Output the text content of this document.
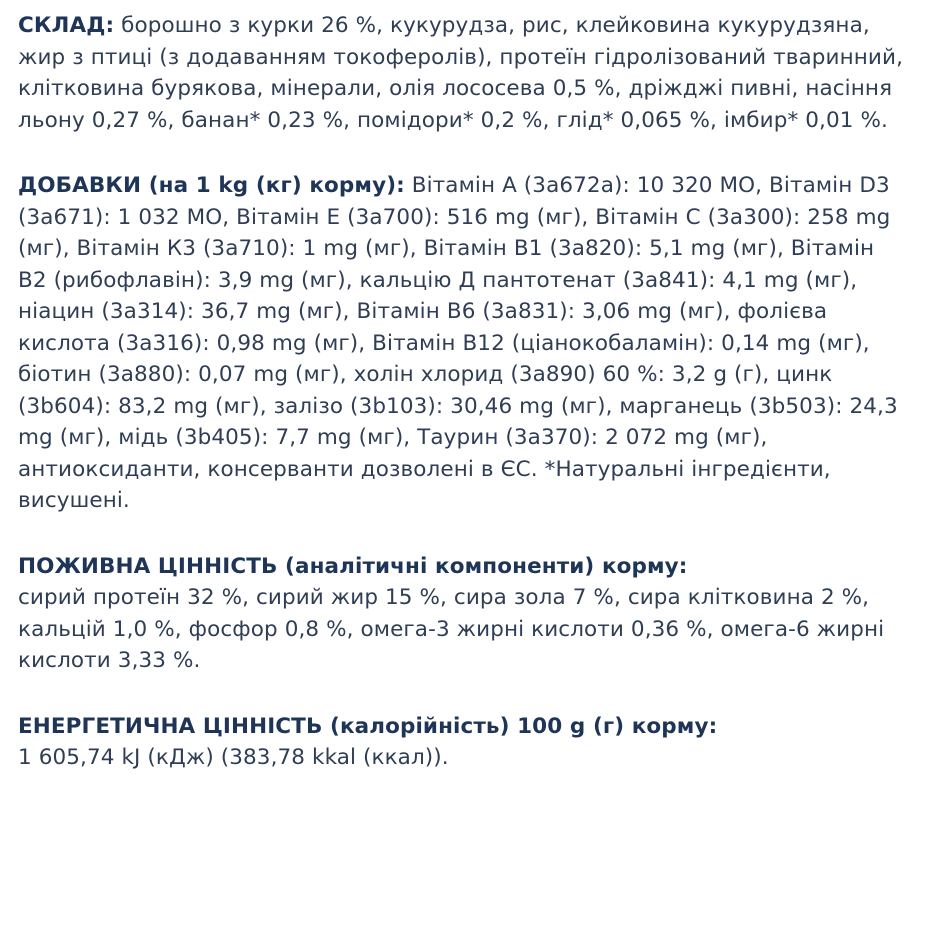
СКЛАД: борошно з курки 26 %, кукурудза, рис, клейковина кукурудзяна, жир з птиці (з додаванням токоферолів), протеїн гідролізований тваринний, клітковина бурякова, мінерали, олія лососева 0,5 %, дріжджі пивні, насіння льону 0,27 %, банан* 0,23 %, помідори* 0,2 %, глід* 0,065 %, імбир* 0,01 %.

ДОБАВКИ (на 1 kg (кг) корму): Вітамін А (3а672а): 10 320 МО, Вітамін D3 (3а671): 1 032 МО, Вітамін Е (3а700): 516 mg (мг), Вітамін С (3а300): 258 mg (мг), Вітамін К3 (3а710): 1 mg (мг), Вітамін В1 (3а820): 5,1 mg (мг), Вітамін В2 (рибофлавін): 3,9 mg (мг), кальцію Д пантотенат (3а841): 4,1 mg (мг), ніацин (3а314): 36,7 mg (мг), Вітамін В6 (3а831): 3,06 mg (мг), фолієва кислота (3а316): 0,98 mg (мг), Вітамін В12 (ціанокобаламін): 0,14 mg (мг), біотин (3а880): 0,07 mg (мг), холін хлорид (3а890) 60 %: 3,2 g (г), цинк (3b604): 83,2 mg (мг), залізо (3b103): 30,46 mg (мг), марганець (3b503): 24,3 mg (мг), мідь (3b405): 7,7 mg (мг), Таурин (3а370): 2 072 mg (мг), антиоксиданти, консерванти дозволені в ЄС. *Натуральні інгредієнти, висушені.

ПОЖИВНА ЦІННІСТЬ (аналітичні компоненти) корму:

сирий протеїн 32 %, сирий жир 15 %, сира зола 7 %, сира клітковина 2 %, кальцій 1,0 %, фосфор 0,8 %, омега-3 жирні кислоти 0,36 %, омега-6 жирні кислоти 3,33 %.

ЕНЕРГЕТИЧНА ЦІННІСТЬ (калорійність) 100 g (г) корму:

1 605,74 kJ (кДж) (383,78 kkal (ккал)).
